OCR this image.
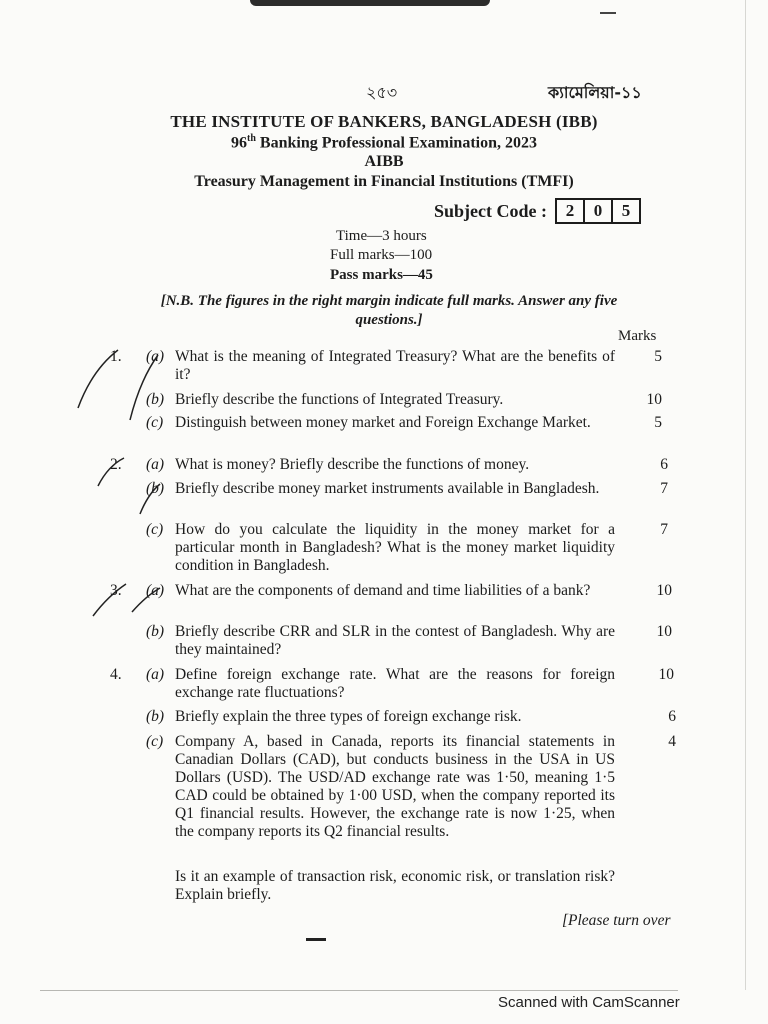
২৫৩	ক্যামেলিয়া-১১
THE INSTITUTE OF BANKERS, BANGLADESH (IBB)
96th Banking Professional Examination, 2023
AIBB
Treasury Management in Financial Institutions (TMFI)
Subject Code :	2	0	5
Time—3 hours
Full marks—100
Pass marks—45
[N.B. The figures in the right margin indicate full marks. Answer any five questions.]
Marks
1. (a) What is the meaning of Integrated Treasury? What are the benefits of it?
5
(b) Briefly describe the functions of Integrated Treasury.	10
(c) Distinguish between money market and Foreign Exchange Market.	5
2. (a) What is money? Briefly describe the functions of money.	6
(b) Briefly describe money market instruments available in Bangladesh.	7
(c) How do you calculate the liquidity in the money market for a particular month in Bangladesh? What is the money market liquidity condition in Bangladesh.
7
3. (a) What are the components of demand and time liabilities of a bank?	10
(b) Briefly describe CRR and SLR in the contest of Bangladesh. Why are they maintained?
10
4. (a) Define foreign exchange rate. What are the reasons for foreign exchange rate fluctuations?
10
(b) Briefly explain the three types of foreign exchange risk.	6
(c) Company A, based in Canada, reports its financial statements in Canadian Dollars (CAD), but conducts business in the USA in US Dollars (USD). The USD/AD exchange rate was 1·50, meaning 1·5 CAD could be obtained by 1·00 USD, when the company reported its Q1 financial results. However, the exchange rate is now 1·25, when the company reports its Q2 financial results.
4
Is it an example of transaction risk, economic risk, or translation risk? Explain briefly.
[Please turn over
Scanned with CamScanner
